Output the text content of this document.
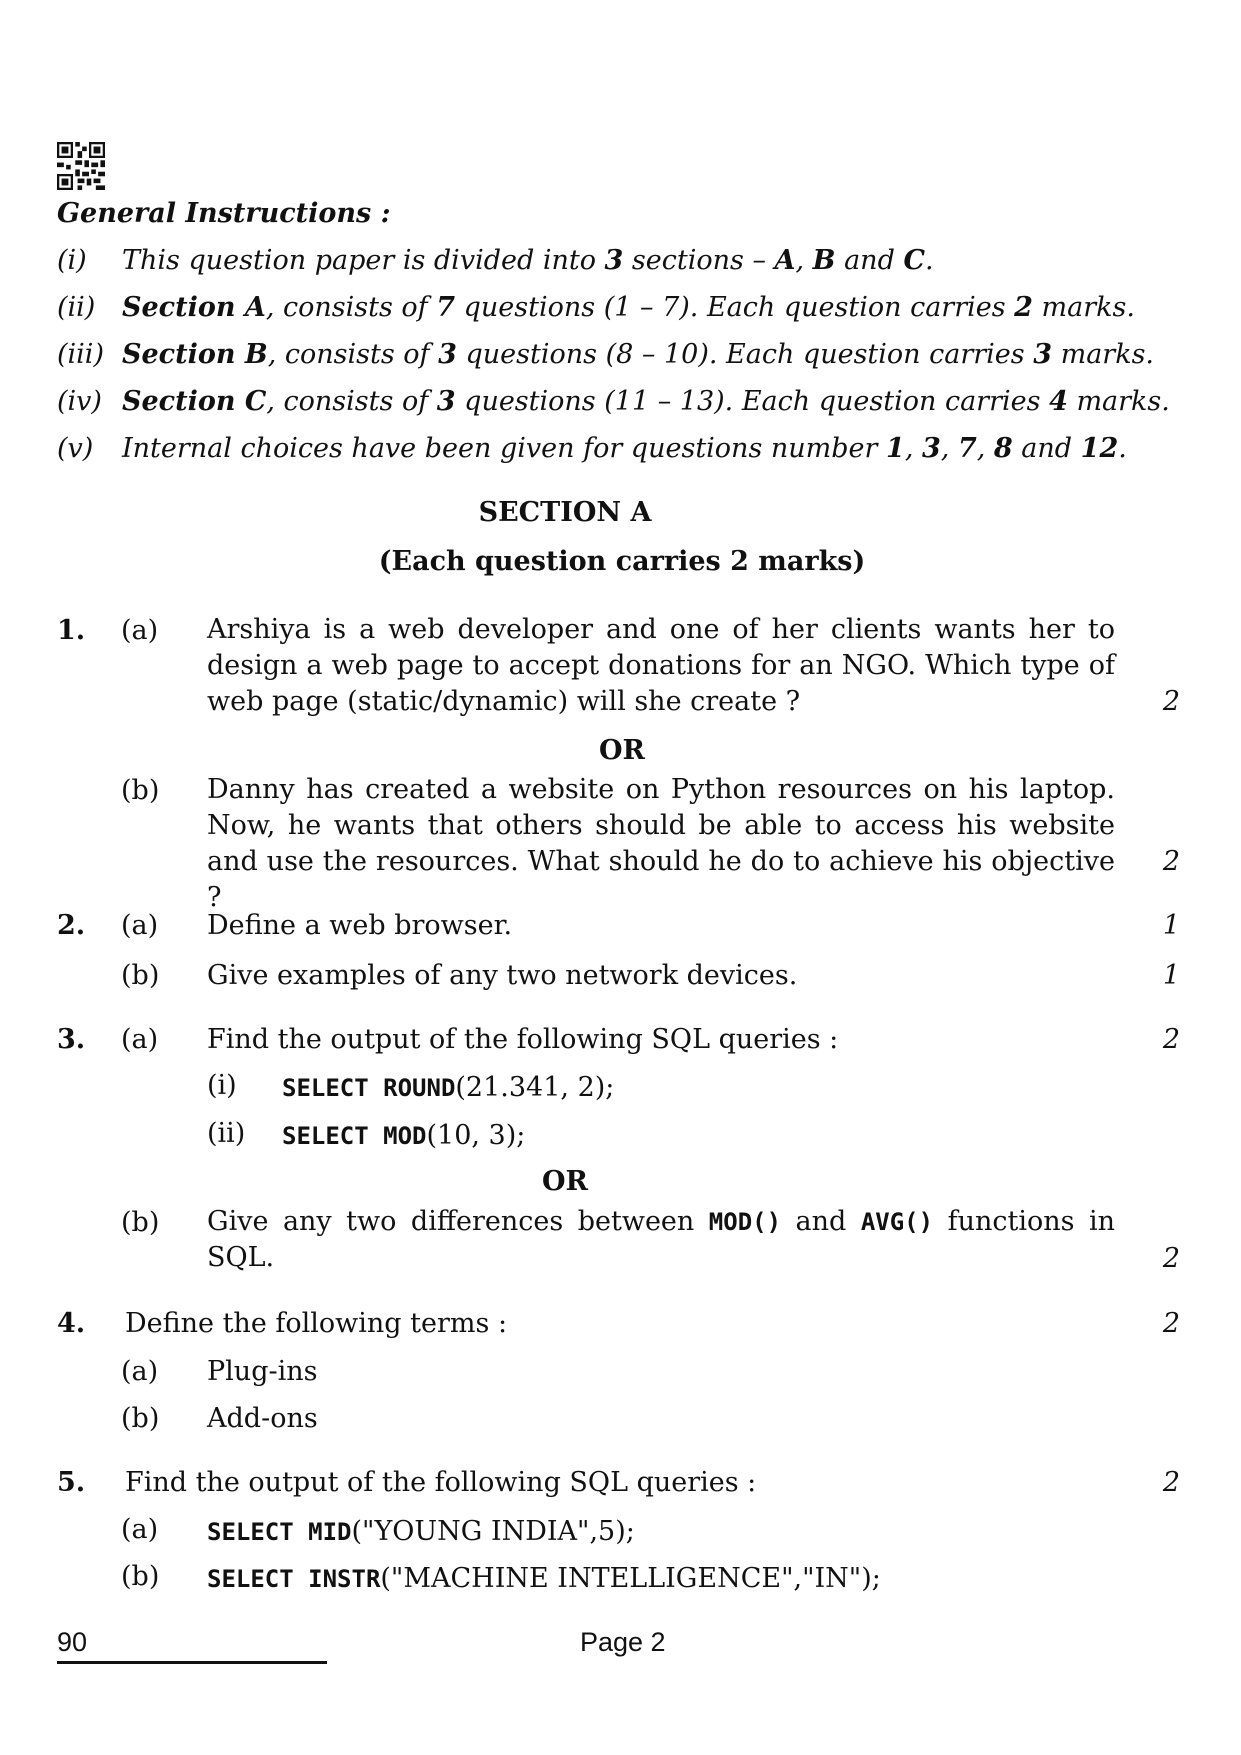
General Instructions :
(i) This question paper is divided into 3 sections – A, B and C.
(ii) Section A, consists of 7 questions (1 – 7). Each question carries 2 marks.
(iii) Section B, consists of 3 questions (8 – 10). Each question carries 3 marks.
(iv) Section C, consists of 3 questions (11 – 13). Each question carries 4 marks.
(v) Internal choices have been given for questions number 1, 3, 7, 8 and 12.
SECTION A
(Each question carries 2 marks)
1. (a) Arshiya is a web developer and one of her clients wants her to design a web page to accept donations for an NGO. Which type of web page (static/dynamic) will she create ?	2
OR
(b) Danny has created a website on Python resources on his laptop. Now, he wants that others should be able to access his website and use the resources. What should he do to achieve his objective ?
2
2. (a) Define a web browser.	1
(b) Give examples of any two network devices.	1
3. (a) Find the output of the following SQL queries :	2
(i) SELECT ROUND(21.341, 2);
(ii) SELECT MOD(10, 3);
OR
(b) Give any two differences between MOD() and AVG() functions in SQL.	2
4. Define the following terms :	2
(a) Plug-ins
(b) Add-ons
5. Find the output of the following SQL queries :	2
(a) SELECT MID("YOUNG INDIA",5);
(b) SELECT INSTR("MACHINE INTELLIGENCE","IN");
90	Page 2
